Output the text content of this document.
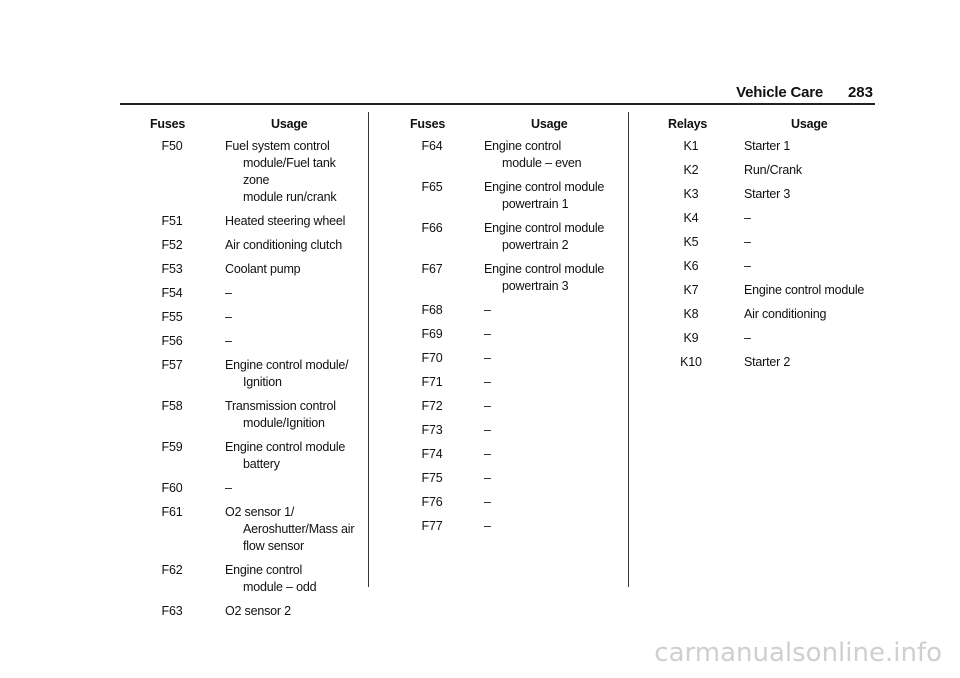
Vehicle Care 283
Fuses	Usage
F50	Fuel system control
module/Fuel tank zone
module run/crank
F51	Heated steering wheel
F52	Air conditioning clutch
F53	Coolant pump
F54	–
F55	–
F56	–
F57	Engine control module/
Ignition
F58	Transmission control
module/Ignition
F59	Engine control module
battery
F60	–
F61	O2 sensor 1/
Aeroshutter/Mass air
flow sensor
F62	Engine control
module – odd
F63	O2 sensor 2
Fuses	Usage
F64	Engine control
module – even
F65	Engine control module
powertrain 1
F66	Engine control module
powertrain 2
F67	Engine control module
powertrain 3
F68	–
F69	–
F70	–
F71	–
F72	–
F73	–
F74	–
F75	–
F76	–
F77	–
Relays	Usage
K1	Starter 1
K2	Run/Crank
K3	Starter 3
K4	–
K5	–
K6	–
K7	Engine control module
K8	Air conditioning
K9	–
K10	Starter 2
carmanualsonline.info
